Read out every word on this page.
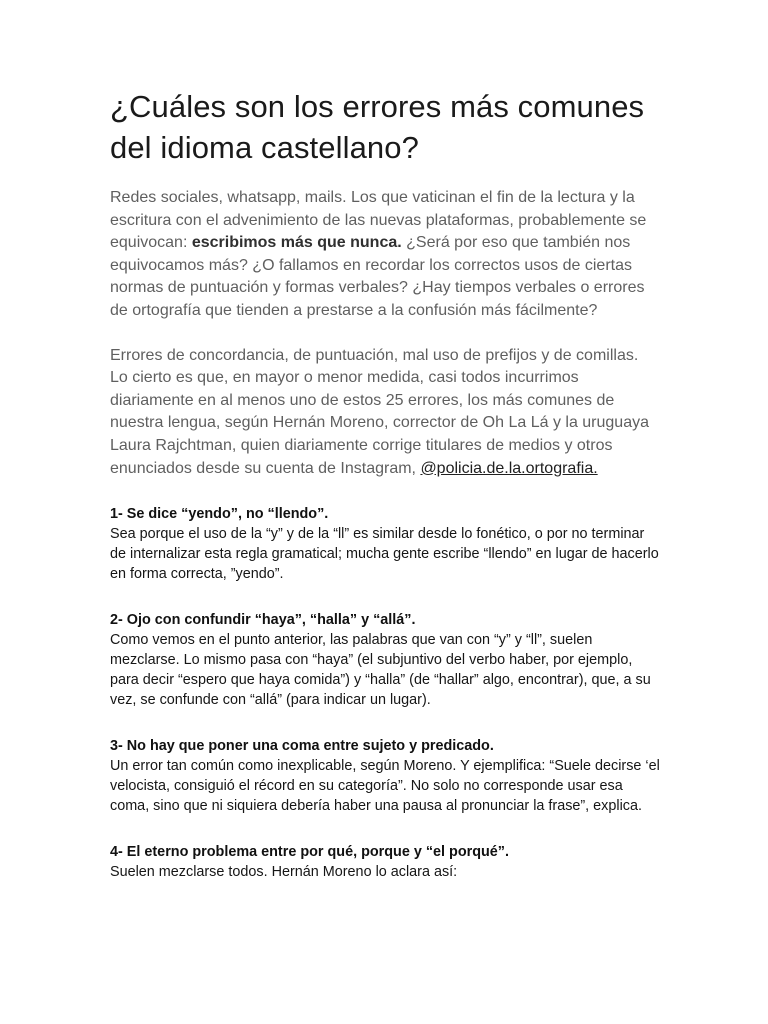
¿Cuáles son los errores más comunes del idioma castellano?

Redes sociales, whatsapp, mails. Los que vaticinan el fin de la lectura y la escritura con el advenimiento de las nuevas plataformas, probablemente se equivocan: escribimos más que nunca. ¿Será por eso que también nos equivocamos más? ¿O fallamos en recordar los correctos usos de ciertas normas de puntuación y formas verbales? ¿Hay tiempos verbales o errores de ortografía que tienden a prestarse a la confusión más fácilmente?

Errores de concordancia, de puntuación, mal uso de prefijos y de comillas. Lo cierto es que, en mayor o menor medida, casi todos incurrimos diariamente en al menos uno de estos 25 errores, los más comunes de nuestra lengua, según Hernán Moreno, corrector de Oh La Lá y la uruguaya Laura Rajchtman, quien diariamente corrige titulares de medios y otros enunciados desde su cuenta de Instagram, @policia.de.la.ortografia.

1- Se dice “yendo”, no “llendo”.

Sea porque el uso de la “y” y de la “ll” es similar desde lo fonético, o por no terminar de internalizar esta regla gramatical; mucha gente escribe “llendo” en lugar de hacerlo en forma correcta, ”yendo”.

2- Ojo con confundir “haya”, “halla” y “allá”.

Como vemos en el punto anterior, las palabras que van con “y” y “ll”, suelen mezclarse. Lo mismo pasa con “haya” (el subjuntivo del verbo haber, por ejemplo, para decir “espero que haya comida”) y “halla” (de “hallar” algo, encontrar), que, a su vez, se confunde con “allá” (para indicar un lugar).

3- No hay que poner una coma entre sujeto y predicado.

Un error tan común como inexplicable, según Moreno. Y ejemplifica: “Suele decirse ‘el velocista, consiguió el récord en su categoría”. No solo no corresponde usar esa coma, sino que ni siquiera debería haber una pausa al pronunciar la frase”, explica.

4- El eterno problema entre por qué, porque y “el porqué”.

Suelen mezclarse todos. Hernán Moreno lo aclara así:
